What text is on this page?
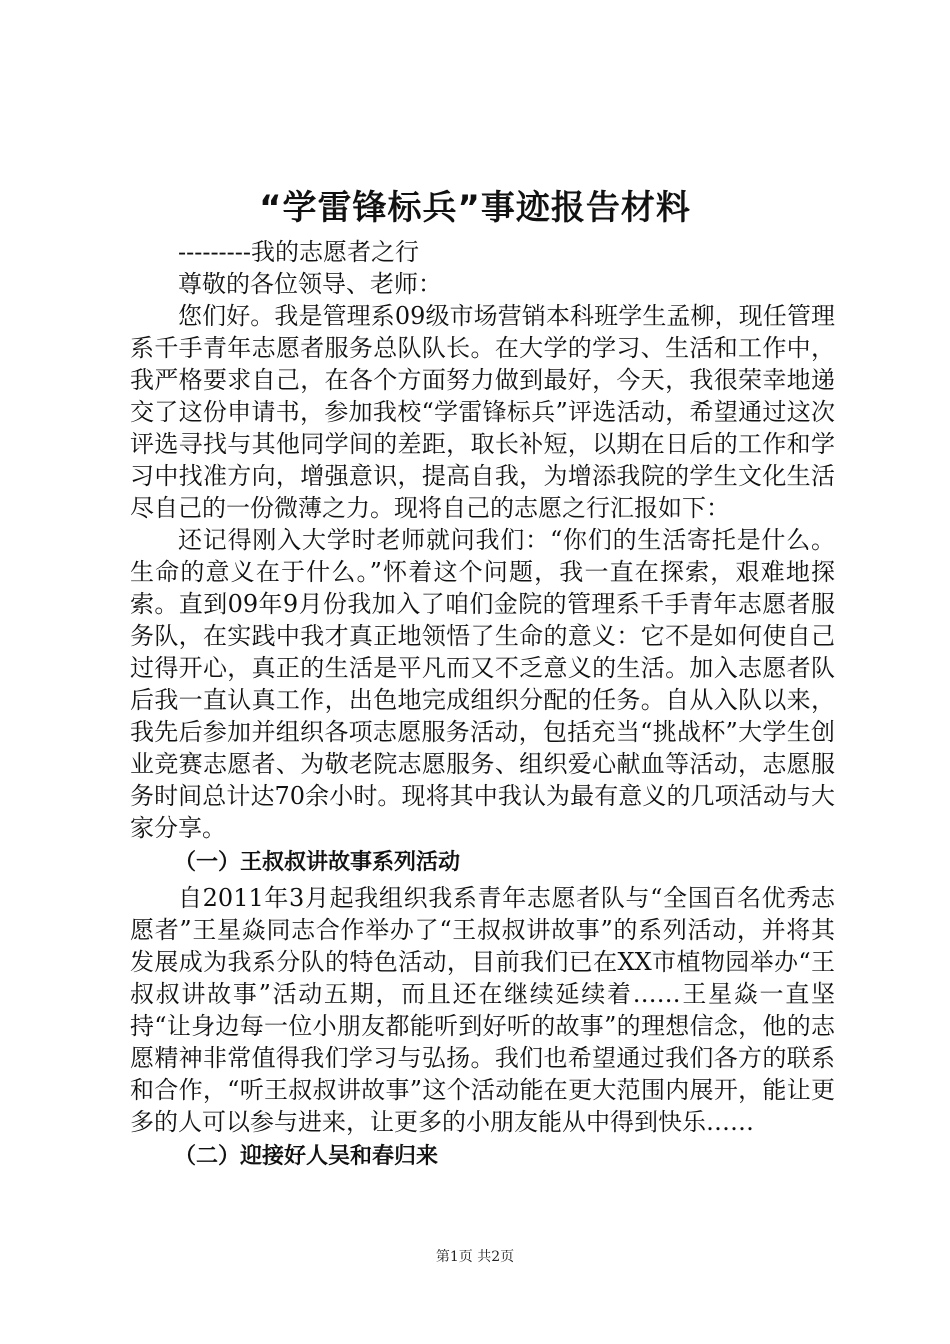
“学雷锋标兵”事迹报告材料

---------我的志愿者之行

尊敬的各位领导、老师：

您们好。我是管理系09级市场营销本科班学生孟柳，现任管理系千手青年志愿者服务总队队长。在大学的学习、生活和工作中，我严格要求自己，在各个方面努力做到最好，今天，我很荣幸地递交了这份申请书，参加我校“学雷锋标兵”评选活动，希望通过这次评选寻找与其他同学间的差距，取长补短，以期在日后的工作和学习中找准方向，增强意识，提高自我，为增添我院的学生文化生活尽自己的一份微薄之力。现将自己的志愿之行汇报如下：

还记得刚入大学时老师就问我们：“你们的生活寄托是什么。生命的意义在于什么。”怀着这个问题，我一直在探索，艰难地探索。直到09年9月份我加入了咱们金院的管理系千手青年志愿者服务队，在实践中我才真正地领悟了生命的意义：它不是如何使自己过得开心，真正的生活是平凡而又不乏意义的生活。加入志愿者队后我一直认真工作，出色地完成组织分配的任务。自从入队以来，我先后参加并组织各项志愿服务活动，包括充当“挑战杯”大学生创业竞赛志愿者、为敬老院志愿服务、组织爱心献血等活动，志愿服务时间总计达70余小时。现将其中我认为最有意义的几项活动与大家分享。

（一）王叔叔讲故事系列活动

自2011年3月起我组织我系青年志愿者队与“全国百名优秀志愿者”王星焱同志合作举办了“王叔叔讲故事”的系列活动，并将其发展成为我系分队的特色活动，目前我们已在XX市植物园举办“王叔叔讲故事”活动五期，而且还在继续延续着……王星焱一直坚持“让身边每一位小朋友都能听到好听的故事”的理想信念，他的志愿精神非常值得我们学习与弘扬。我们也希望通过我们各方的联系和合作，“听王叔叔讲故事”这个活动能在更大范围内展开，能让更多的人可以参与进来，让更多的小朋友能从中得到快乐……

（二）迎接好人吴和春归来
第1页 共2页
